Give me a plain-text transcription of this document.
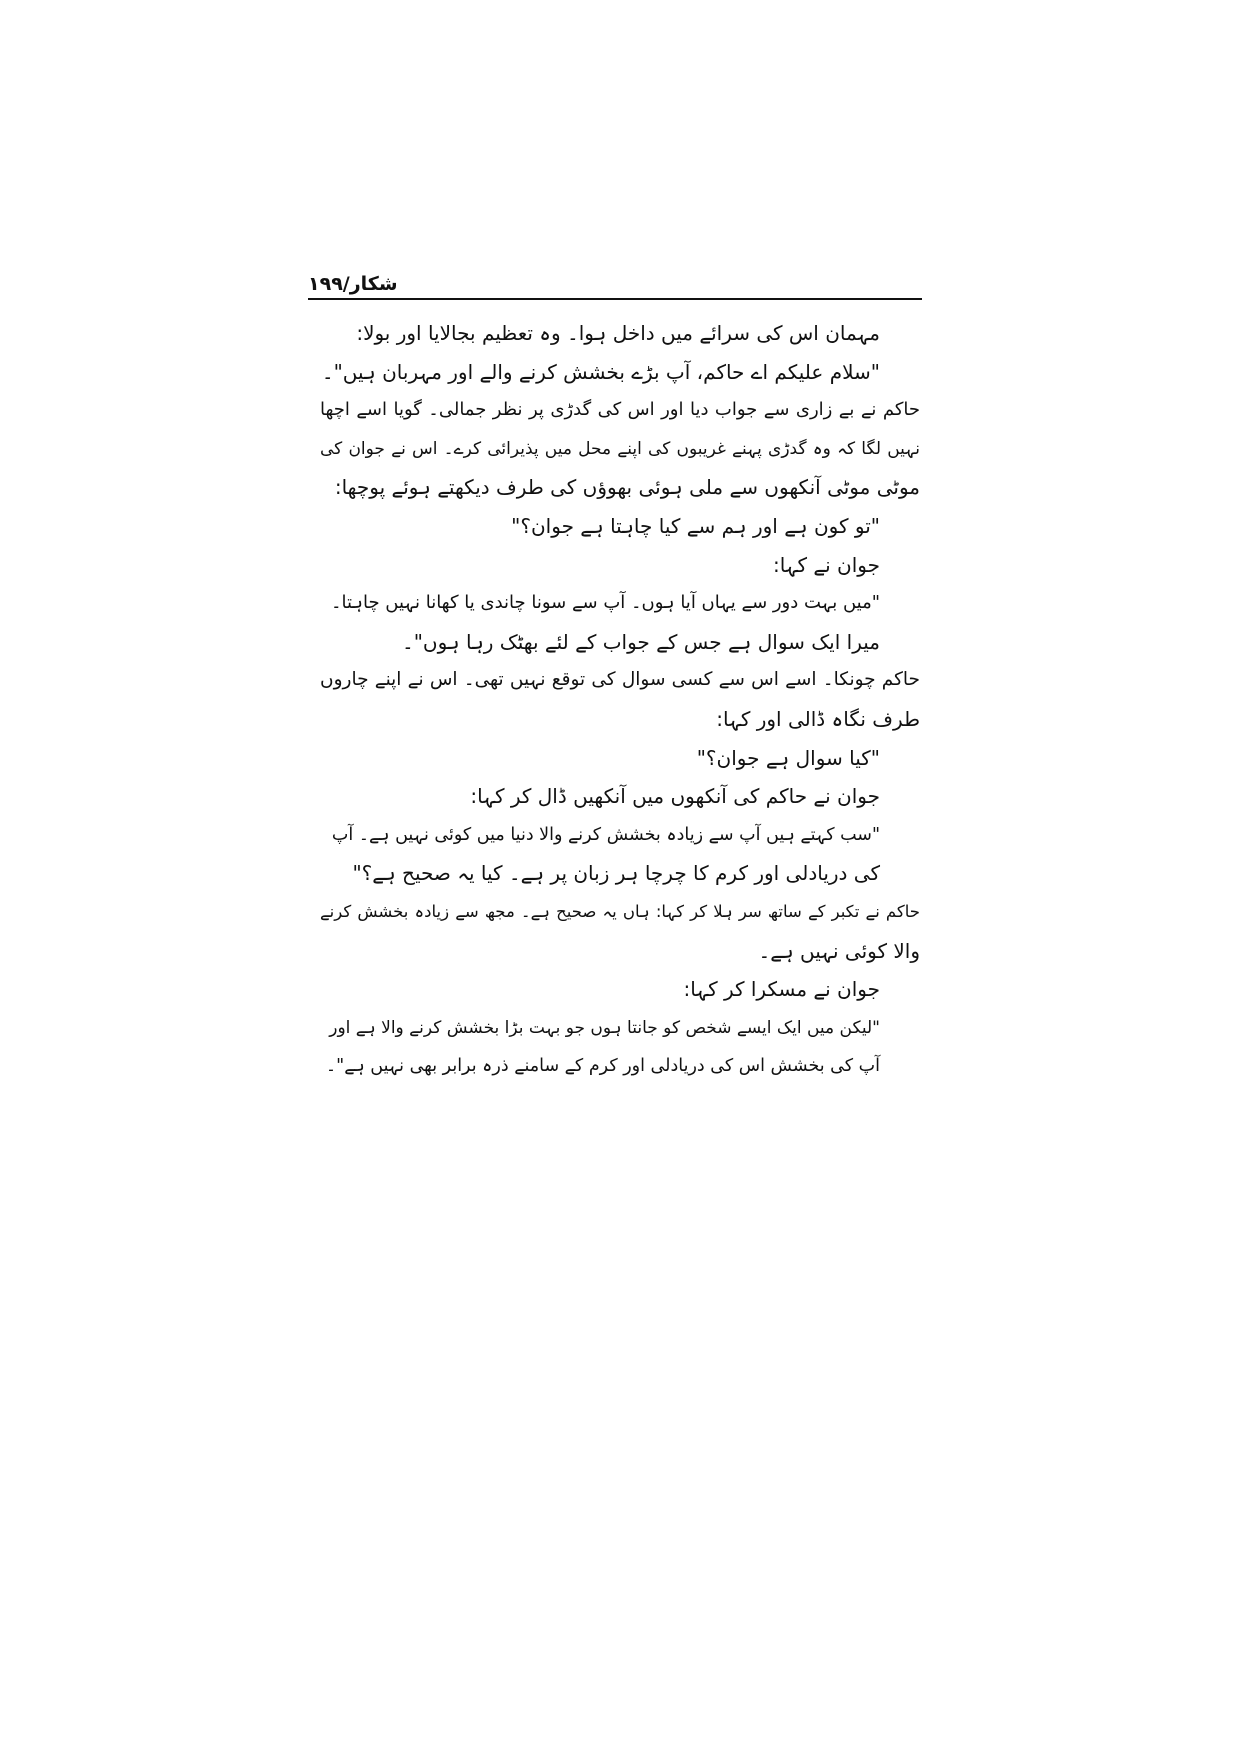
شکار/۱۹۹
مہمان اس کی سرائے میں داخل ہوا۔ وہ تعظیم بجالایا اور بولا:
"سلام علیکم اے حاکم، آپ بڑے بخشش کرنے والے اور مہربان ہیں"۔
حاکم نے بے زاری سے جواب دیا اور اس کی گدڑی پر نظر جمالی۔ گویا اسے اچھا
نہیں لگا کہ وہ گدڑی پہنے غریبوں کی اپنے محل میں پذیرائی کرے۔ اس نے جوان کی
موٹی موٹی آنکھوں سے ملی ہوئی بھوؤں کی طرف دیکھتے ہوئے پوچھا:
"تو کون ہے اور ہم سے کیا چاہتا ہے جوان؟"
جوان نے کہا:
"میں بہت دور سے یہاں آیا ہوں۔ آپ سے سونا چاندی یا کھانا نہیں چاہتا۔
میرا ایک سوال ہے جس کے جواب کے لئے بھٹک رہا ہوں"۔
حاکم چونکا۔ اسے اس سے کسی سوال کی توقع نہیں تھی۔ اس نے اپنے چاروں
طرف نگاہ ڈالی اور کہا:
"کیا سوال ہے جوان؟"
جوان نے حاکم کی آنکھوں میں آنکھیں ڈال کر کہا:
"سب کہتے ہیں آپ سے زیادہ بخشش کرنے والا دنیا میں کوئی نہیں ہے۔ آپ
کی دریادلی اور کرم کا چرچا ہر زبان پر ہے۔ کیا یہ صحیح ہے؟"
حاکم نے تکبر کے ساتھ سر ہلا کر کہا: ہاں یہ صحیح ہے۔ مجھ سے زیادہ بخشش کرنے
والا کوئی نہیں ہے۔
جوان نے مسکرا کر کہا:
"لیکن میں ایک ایسے شخص کو جانتا ہوں جو بہت بڑا بخشش کرنے والا ہے اور
آپ کی بخشش اس کی دریادلی اور کرم کے سامنے ذرہ برابر بھی نہیں ہے"۔
